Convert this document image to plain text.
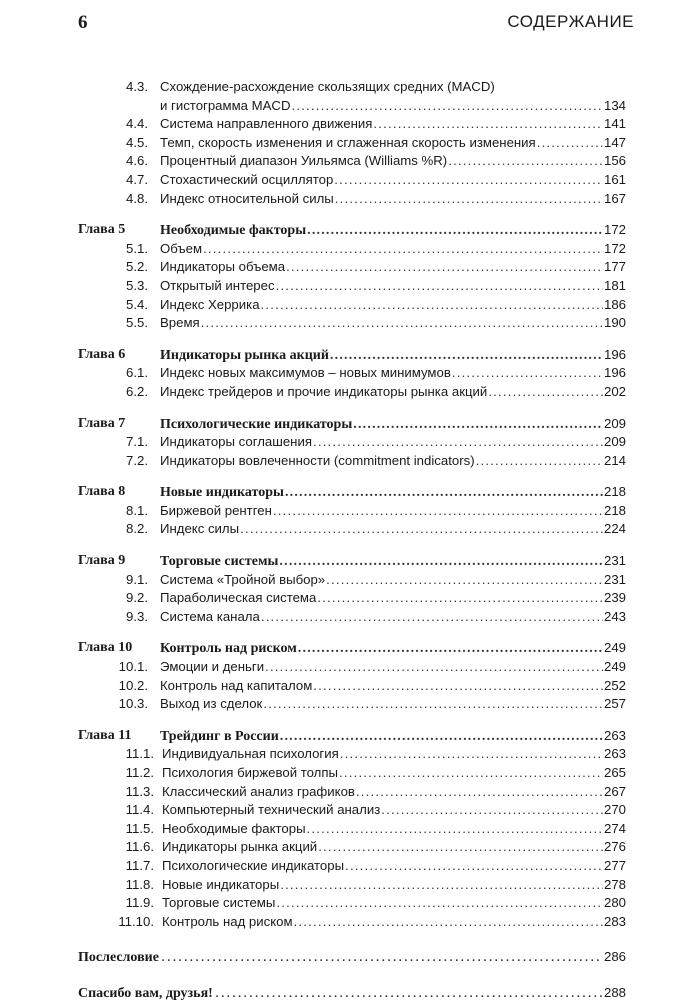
6	СОДЕРЖАНИЕ
4.3. Схождение-расхождение скользящих средних (MACD)
и гистограмма MACD .....	134
4.4. Система направленного движения .....	141
4.5. Темп, скорость изменения и сглаженная скорость изменения .....	147
4.6. Процентный диапазон Уильямса (Williams %R) .....	156
4.7. Стохастический осциллятор .....	161
4.8. Индекс относительной силы .....	167
Глава 5	Необходимые факторы .....	172
5.1. Объем .....	172
5.2. Индикаторы объема .....	177
5.3. Открытый интерес .....	181
5.4. Индекс Херрика .....	186
5.5. Время .....	190
Глава 6	Индикаторы рынка акций .....	196
6.1. Индекс новых максимумов – новых минимумов .....	196
6.2. Индекс трейдеров и прочие индикаторы рынка акций .....	202
Глава 7	Психологические индикаторы .....	209
7.1. Индикаторы соглашения .....	209
7.2. Индикаторы вовлеченности (commitment indicators) .....	214
Глава 8	Новые индикаторы .....	218
8.1. Биржевой рентген .....	218
8.2. Индекс силы .....	224
Глава 9	Торговые системы .....	231
9.1. Система «Тройной выбор» .....	231
9.2. Параболическая система .....	239
9.3. Система канала .....	243
Глава 10	Контроль над риском .....	249
10.1. Эмоции и деньги .....	249
10.2. Контроль над капиталом .....	252
10.3. Выход из сделок .....	257
Глава 11	Трейдинг в России .....	263
11.1. Индивидуальная психология .....	263
11.2. Психология биржевой толпы .....	265
11.3. Классический анализ графиков .....	267
11.4. Компьютерный технический анализ .....	270
11.5. Необходимые факторы .....	274
11.6. Индикаторы рынка акций .....	276
11.7. Психологические индикаторы .....	277
11.8. Новые индикаторы .....	278
11.9. Торговые системы .....	280
11.10. Контроль над риском .....	283
Послесловие .....	286
Спасибо вам, друзья! .....	288
